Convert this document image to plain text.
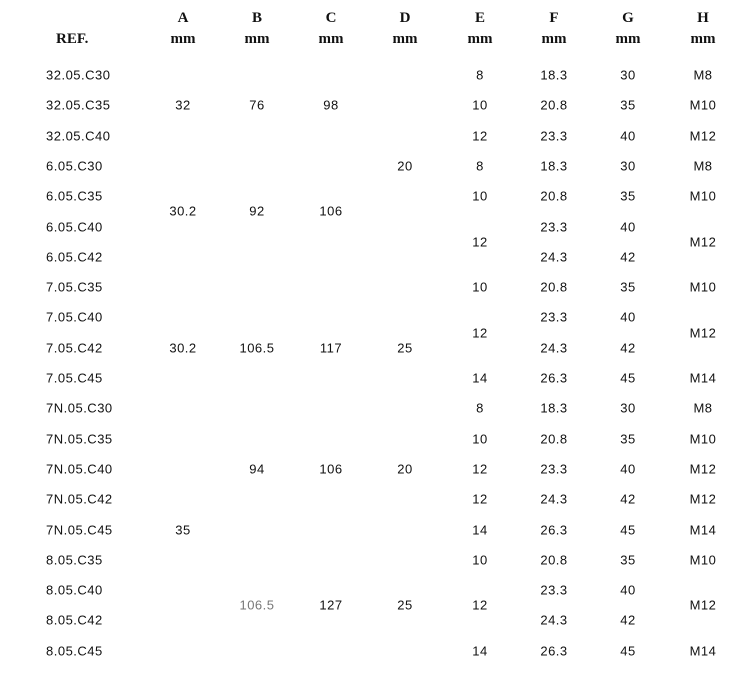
REF.
A
mm
B
mm
C
mm
D
mm
E
mm
F
mm
G
mm
H
mm
32.05.C30
32.05.C35
32.05.C40
6.05.C30
6.05.C35
6.05.C40
6.05.C42
7.05.C35
7.05.C40
7.05.C42
7.05.C45
7N.05.C30
7N.05.C35
7N.05.C40
7N.05.C42
7N.05.C45
8.05.C35
8.05.C40
8.05.C42
8.05.C45
32
30.2
30.2
35
76
92
106.5
94
106.5
98
106
117
106
127
20
25
20
25
8
10
12
8
10
12
10
12
14
8
10
12
12
14
10
12
14
18.3
20.8
23.3
18.3
20.8
23.3
24.3
20.8
23.3
24.3
26.3
18.3
20.8
23.3
24.3
26.3
20.8
23.3
24.3
26.3
30
35
40
30
35
40
42
35
40
42
45
30
35
40
42
45
35
40
42
45
M8
M10
M12
M8
M10
M12
M10
M12
M14
M8
M10
M12
M12
M14
M10
M12
M14
